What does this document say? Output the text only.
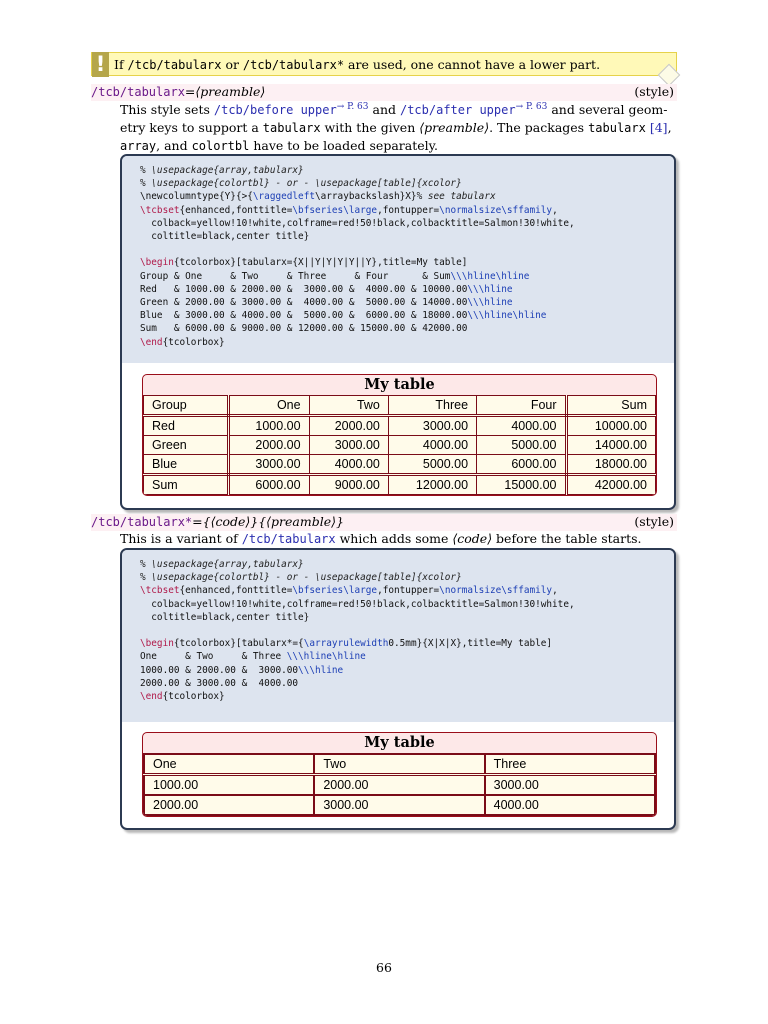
! If /tcb/tabularx or /tcb/tabularx* are used, one cannot have a lower part.
/tcb/tabularx=⟨preamble⟩	(style)
This style sets /tcb/before upper$^{\to P. 63}$ and /tcb/after upper$^{\to P. 63}$ and several geom-
etry keys to support a tabularx with the given ⟨preamble⟩. The packages tabularx [4],
array, and colortbl have to be loaded separately.
% \usepackage{array,tabularx}
% \usepackage{colortbl} - or - \usepackage[table]{xcolor}
\newcolumntype{Y}{>{\raggedleft\arraybackslash}X}% see tabularx
\tcbset{enhanced,fonttitle=\bfseries\large,fontupper=\normalsize\sffamily,
colback=yellow!10!white,colframe=red!50!black,colbacktitle=Salmon!30!white,
coltitle=black,center title}

\begin{tcolorbox}[tabularx={X||Y|Y|Y|Y||Y},title=My table]
Group & One     & Two     & Three     & Four      & Sum\\\hline\hline
Red   & 1000.00 & 2000.00 &  3000.00 &  4000.00 & 10000.00\\\hline
Green & 2000.00 & 3000.00 &  4000.00 &  5000.00 & 14000.00\\\hline
Blue  & 3000.00 & 4000.00 &  5000.00 &  6000.00 & 18000.00\\\hline\hline
Sum   & 6000.00 & 9000.00 & 12000.00 & 15000.00 & 42000.00
\end{tcolorbox}
My table
Group	One	Two	Three	Four	Sum
Red	1000.00	2000.00	3000.00	4000.00	10000.00
Green	2000.00	3000.00	4000.00	5000.00	14000.00
Blue	3000.00	4000.00	5000.00	6000.00	18000.00
Sum	6000.00	9000.00	12000.00	15000.00	42000.00
/tcb/tabularx*={⟨code⟩}{⟨preamble⟩}	(style)
This is a variant of /tcb/tabularx which adds some ⟨code⟩ before the table starts.
% \usepackage{array,tabularx}
% \usepackage{colortbl} - or - \usepackage[table]{xcolor}
\tcbset{enhanced,fonttitle=\bfseries\large,fontupper=\normalsize\sffamily,
colback=yellow!10!white,colframe=red!50!black,colbacktitle=Salmon!30!white,
coltitle=black,center title}

\begin{tcolorbox}[tabularx*={\arrayrulewidth0.5mm}{X|X|X},title=My table]
One     & Two     & Three \\\hline\hline
1000.00 & 2000.00 &  3000.00\\\hline
2000.00 & 3000.00 &  4000.00
\end{tcolorbox}
My table
One	Two	Three
1000.00	2000.00	3000.00
2000.00	3000.00	4000.00
66
